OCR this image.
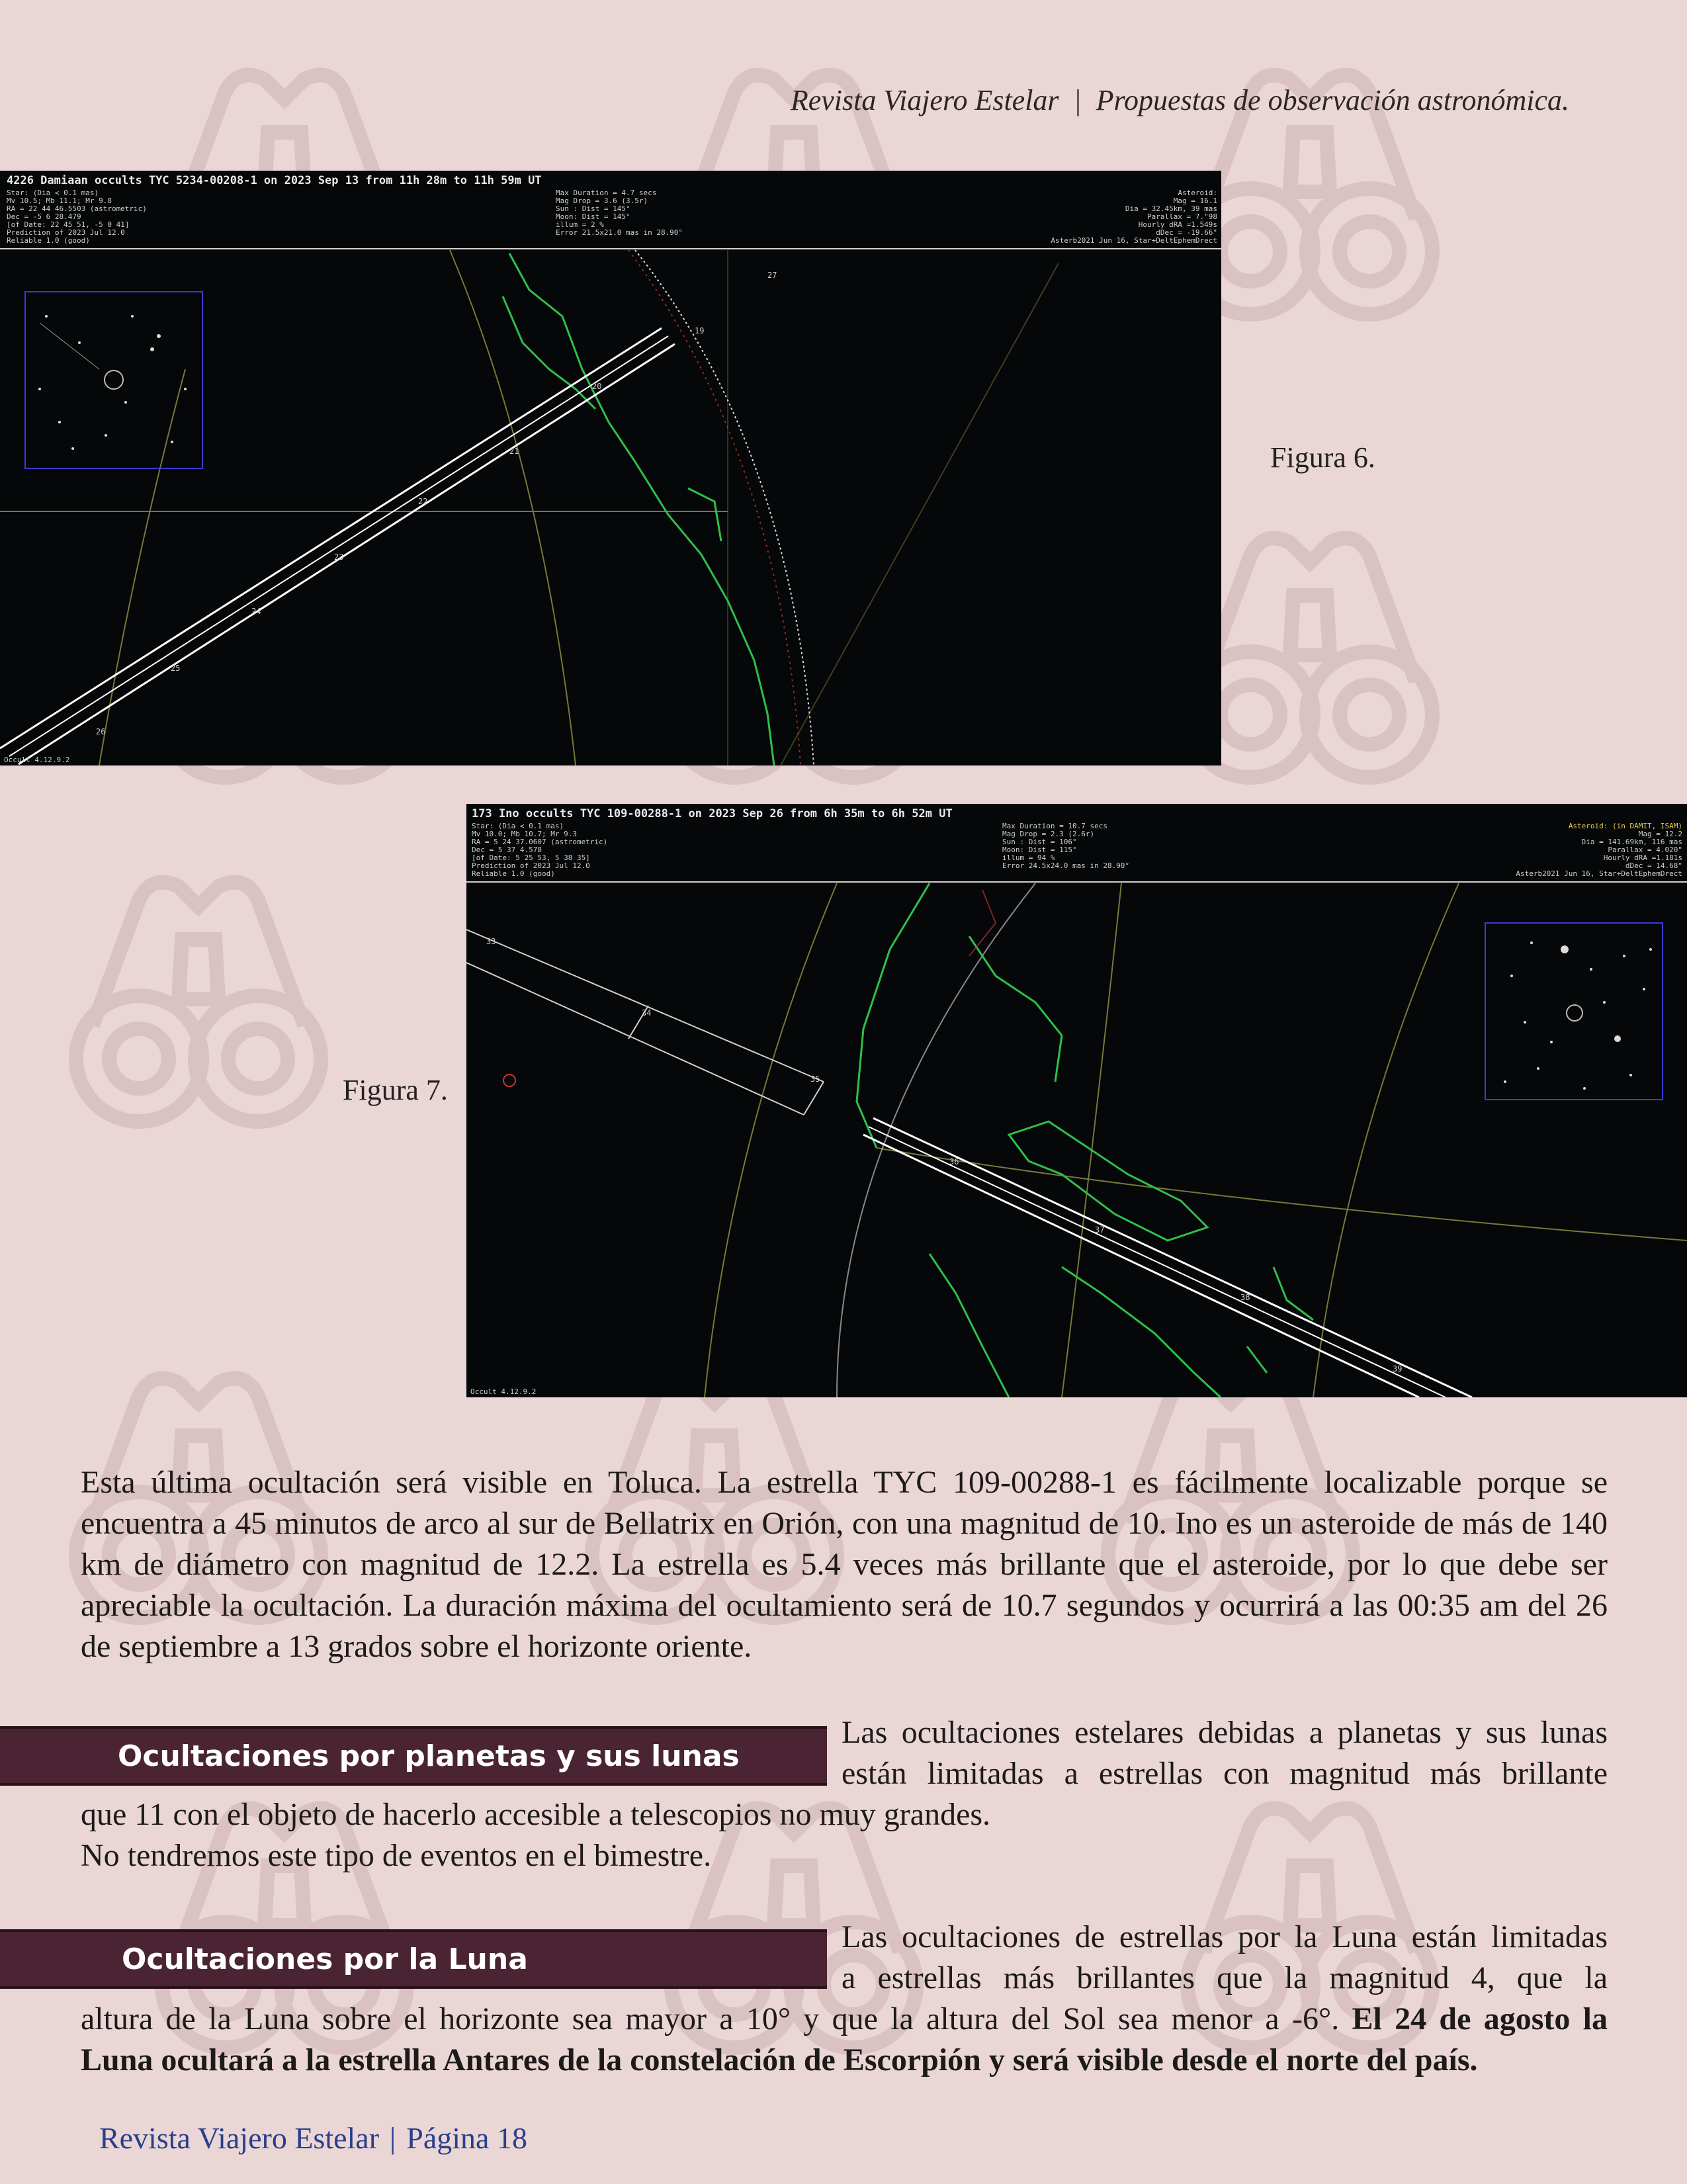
Revista Viajero Estelar | Propuestas de observación astronómica.
4226 Damiaan occults TYC 5234-00208-1 on 2023 Sep 13 from 11h 28m to 11h 59m UT
Star: (Dia < 0.1 mas)
Mv 10.5; Mb 11.1; Mr 9.8
RA = 22 44 46.5503 (astrometric)
Dec = -5 6 28.479
[of Date: 22 45 51, -5 0 41]
Prediction of 2023 Jul 12.0
Reliable 1.0 (good)
Max Duration = 4.7 secs
Mag Drop = 3.6 (3.5r)
Sun : Dist = 145°
Moon: Dist = 145°
illum = 2 %
Error 21.5x21.0 mas in 28.90°
Asteroid:
Mag = 16.1
Dia = 32.45km, 39 mas
Parallax = 7."98
Hourly dRA =1.549s
dDec = -19.66"
Asterb2021 Jun 16, Star+DeltEphemDrect
26
25
24
23
22
21
20
19
27
Occult 4.12.9.2
Figura 6.
173 Ino occults TYC 109-00288-1 on 2023 Sep 26 from 6h 35m to 6h 52m UT
Star: (Dia < 0.1 mas)
Mv 10.0; Mb 10.7; Mr 9.3
RA = 5 24 37.0607 (astrometric)
Dec = 5 37 4.578
[of Date: 5 25 53, 5 38 35]
Prediction of 2023 Jul 12.0
Reliable 1.0 (good)
Max Duration = 10.7 secs
Mag Drop = 2.3 (2.6r)
Sun : Dist = 106°
Moon: Dist = 115°
illum = 94 %
Error 24.5x24.0 mas in 28.90°
Asteroid: (in DAMIT, ISAM)
Mag = 12.2
Dia = 141.69km, 116 mas
Parallax = 4.020"
Hourly dRA =1.181s
dDec = 14.68"
Asterb2021 Jun 16, Star+DeltEphemDrect
33
34
35
36
37
38
39
Occult 4.12.9.2
Figura 7.
Esta última ocultación será visible en Toluca. La estrella TYC 109-00288-1 es fácilmente localizable porque se encuentra a 45 minutos de arco al sur de Bellatrix en Orión, con una magnitud de 10. Ino es un asteroide de más de 140 km de diámetro con magnitud de 12.2. La estrella es 5.4 veces más brillante que el asteroide, por lo que debe ser apreciable la ocultación. La duración máxima del ocultamiento será de 10.7 segundos y ocurrirá a las 00:35 am del 26 de septiembre a 13 grados sobre el horizonte oriente.
Ocultaciones por planetas y sus lunas
Las ocultaciones estelares debidas a planetas y sus lunas
están limitadas a estrellas con magnitud más brillante
que 11 con el objeto de hacerlo accesible a telescopios no muy grandes.
No tendremos este tipo de eventos en el bimestre.
Ocultaciones por la Luna
Las ocultaciones de estrellas por la Luna están limitadas
a estrellas más brillantes que la magnitud 4, que la
altura de la Luna sobre el horizonte sea mayor a 10° y que la altura del Sol sea menor a -6°. El 24 de agosto la
Luna ocultará a la estrella Antares de la constelación de Escorpión y será visible desde el norte del país.
Revista Viajero Estelar | Página 18
